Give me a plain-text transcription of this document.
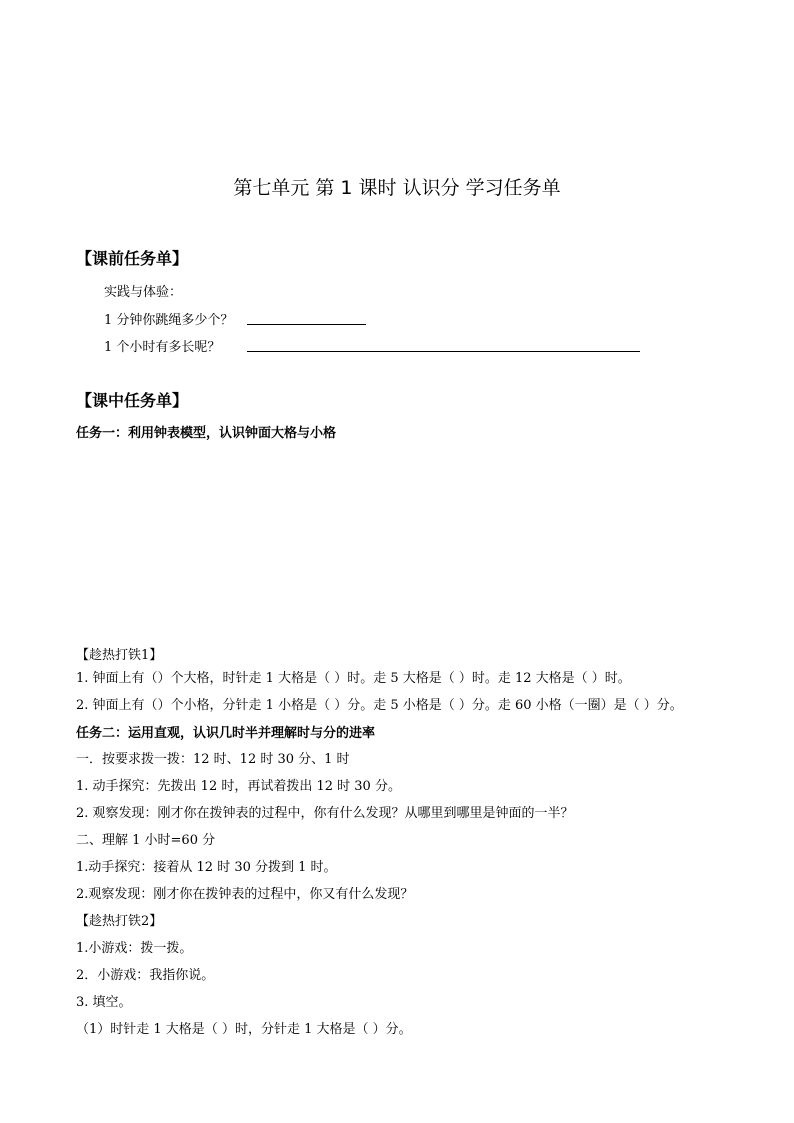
第七单元 第 1 课时 认识分 学习任务单
【课前任务单】
实践与体验：
1 分钟你跳绳多少个？
1 个小时有多长呢？
【课中任务单】
任务一：利用钟表模型，认识钟面大格与小格
【趁热打铁1】
1. 钟面上有（）个大格，时针走 1 大格是（ ）时。走 5 大格是（ ）时。走 12 大格是（ ）时。
2. 钟面上有（）个小格，分针走 1 小格是（ ）分。走 5 小格是（ ）分。走 60 小格（一圈）是（ ）分。
任务二：运用直观，认识几时半并理解时与分的进率
一．按要求拨一拨：12 时、12 时 30 分、1 时
1. 动手探究：先拨出 12 时，再试着拨出 12 时 30 分。
2. 观察发现：刚才你在拨钟表的过程中，你有什么发现？从哪里到哪里是钟面的一半？
二、理解 1 小时=60 分
1.动手探究：接着从 12 时 30 分拨到 1 时。
2.观察发现：刚才你在拨钟表的过程中，你又有什么发现？
【趁热打铁2】
1.小游戏：拨一拨。
2．小游戏：我指你说。
3. 填空。
（1）时针走 1 大格是（ ）时，分针走 1 大格是（ ）分。
